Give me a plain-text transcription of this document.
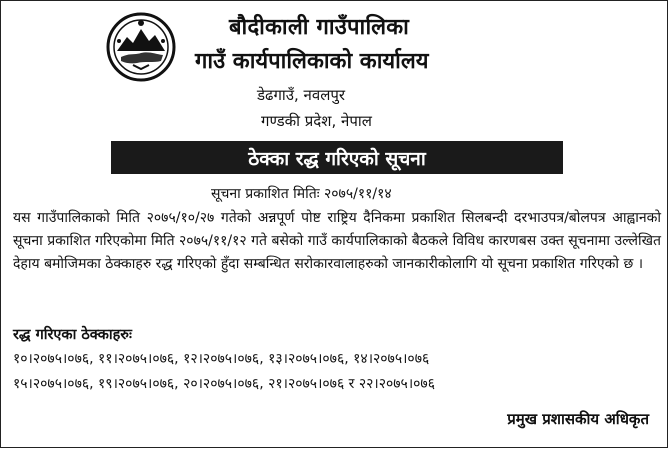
बौदीकाली गाउँपालिका
गाउँ कार्यपालिकाको कार्यालय
डेढगाउँ, नवलपुर
गण्डकी प्रदेश, नेपाल
ठेक्का रद्ध गरिएको सूचना
सूचना प्रकाशित मितिः २०७५/११/१४
यस गाउँपालिकाको मिति २०७५/१०/२७ गतेको अन्नपूर्ण पोष्ट राष्ट्रिय दैनिकमा प्रकाशित सिलबन्दी दरभाउपत्र/बोलपत्र आह्वानको सूचना प्रकाशित गरिएकोमा मिति २०७५/११/१२ गते बसेको गाउँ कार्यपालिकाको बैठकले विविध कारणबस उक्त सूचनामा उल्लेखित देहाय बमोजिमका ठेक्काहरु रद्ध गरिएको हुँदा सम्बन्धित सरोकारवालाहरुको जानकारीकोलागि यो सूचना प्रकाशित गरिएको छ ।
रद्ध गरिएका ठेक्काहरुः
१०।२०७५।०७६, ११।२०७५।०७६, १२।२०७५।०७६, १३।२०७५।०७६, १४।२०७५।०७६
१५।२०७५।०७६, १९।२०७५।०७६, २०।२०७५।०७६, २१।२०७५।०७६ र २२।२०७५।०७६
प्रमुख प्रशासकीय अधिकृत
